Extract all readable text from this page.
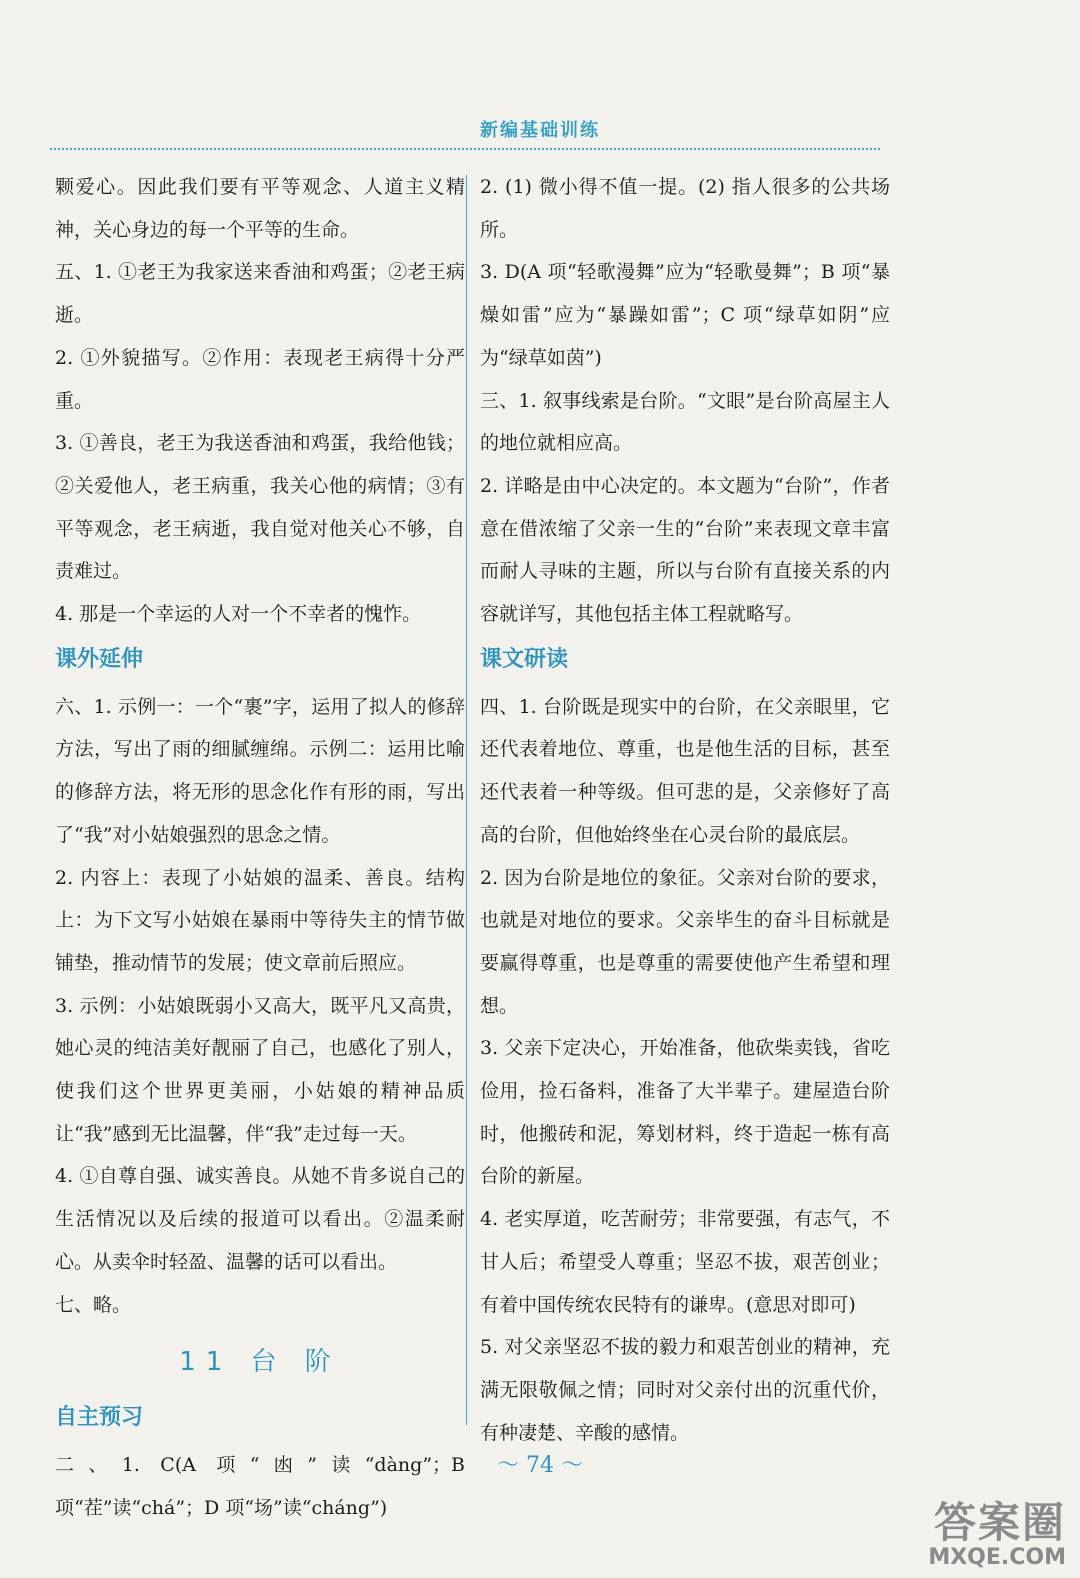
新编基础训练

颗爱心。因此我们要有平等观念、人道主义精神，关心身边的每一个平等的生命。

五、1. ①老王为我家送来香油和鸡蛋；②老王病逝。

2. ①外貌描写。②作用：表现老王病得十分严重。

3. ①善良，老王为我送香油和鸡蛋，我给他钱；②关爱他人，老王病重，我关心他的病情；③有平等观念，老王病逝，我自觉对他关心不够，自责难过。

4. 那是一个幸运的人对一个不幸者的愧怍。

课外延伸

六、1. 示例一：一个“裹”字，运用了拟人的修辞方法，写出了雨的细腻缠绵。示例二：运用比喻的修辞方法，将无形的思念化作有形的雨，写出了“我”对小姑娘强烈的思念之情。

2. 内容上：表现了小姑娘的温柔、善良。结构上：为下文写小姑娘在暴雨中等待失主的情节做铺垫，推动情节的发展；使文章前后照应。

3. 示例：小姑娘既弱小又高大，既平凡又高贵，她心灵的纯洁美好靓丽了自己，也感化了别人，使我们这个世界更美丽，小姑娘的精神品质让“我”感到无比温馨，伴“我”走过每一天。

4. ①自尊自强、诚实善良。从她不肯多说自己的生活情况以及后续的报道可以看出。②温柔耐心。从卖伞时轻盈、温馨的话可以看出。

七、略。

11 台 阶
自主预习

二、1. C(A 项“凼”读“dàng”；B 项“茬”读“chá”；D 项“场”读“cháng”)

2. (1) 微小得不值一提。(2) 指人很多的公共场所。

3. D(A 项“轻歌漫舞”应为“轻歌曼舞”；B 项“暴燥如雷”应为“暴躁如雷”；C 项“绿草如阴”应为“绿草如茵”)

三、1. 叙事线索是台阶。“文眼”是台阶高屋主人的地位就相应高。

2. 详略是由中心决定的。本文题为“台阶”，作者意在借浓缩了父亲一生的“台阶”来表现文章丰富而耐人寻味的主题，所以与台阶有直接关系的内容就详写，其他包括主体工程就略写。

课文研读

四、1. 台阶既是现实中的台阶，在父亲眼里，它还代表着地位、尊重，也是他生活的目标，甚至还代表着一种等级。但可悲的是，父亲修好了高高的台阶，但他始终坐在心灵台阶的最底层。

2. 因为台阶是地位的象征。父亲对台阶的要求，也就是对地位的要求。父亲毕生的奋斗目标就是要赢得尊重，也是尊重的需要使他产生希望和理想。

3. 父亲下定决心，开始准备，他砍柴卖钱，省吃俭用，捡石备料，准备了大半辈子。建屋造台阶时，他搬砖和泥，筹划材料，终于造起一栋有高台阶的新屋。

4. 老实厚道，吃苦耐劳；非常要强，有志气，不甘人后；希望受人尊重；坚忍不拔，艰苦创业；有着中国传统农民特有的谦卑。(意思对即可)

5. 对父亲坚忍不拔的毅力和艰苦创业的精神，充满无限敬佩之情；同时对父亲付出的沉重代价，有种凄楚、辛酸的感情。

～ 74 ～
答案圈
MXQE.COM
